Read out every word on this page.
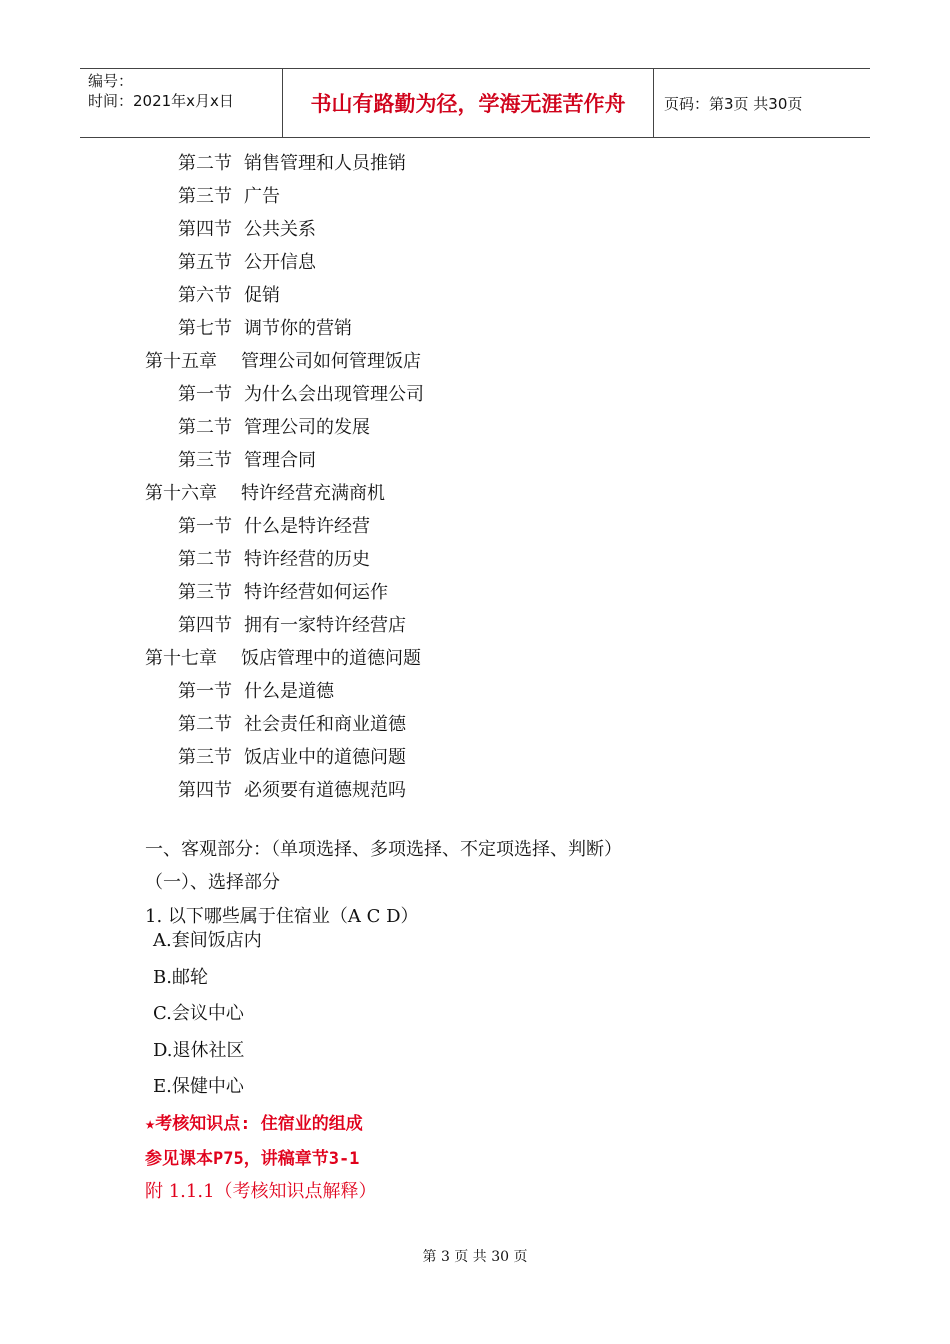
编号：
时间：2021年x月x日	书山有路勤为径，学海无涯苦作舟	页码：第3页 共30页
第二节 销售管理和人员推销
第三节 广告
第四节 公共关系
第五节 公开信息
第六节 促销
第七节 调节你的营销
第十五章 管理公司如何管理饭店
第一节 为什么会出现管理公司
第二节 管理公司的发展
第三节 管理合同
第十六章 特许经营充满商机
第一节 什么是特许经营
第二节 特许经营的历史
第三节 特许经营如何运作
第四节 拥有一家特许经营店
第十七章 饭店管理中的道德问题
第一节 什么是道德
第二节 社会责任和商业道德
第三节 饭店业中的道德问题
第四节 必须要有道德规范吗
一、客观部分：（单项选择、多项选择、不定项选择、判断）
（一）、选择部分
1. 以下哪些属于住宿业（A C D）
A.套间饭店内
B.邮轮
C.会议中心
D.退休社区
E.保健中心
★考核知识点: 住宿业的组成
参见课本P75，讲稿章节3-1
附 1.1.1（考核知识点解释）
第 3 页 共 30 页
